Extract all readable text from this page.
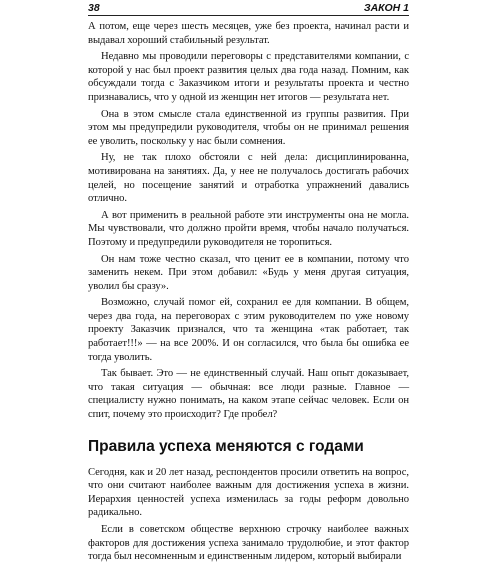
38	ЗАКОН 1

А потом, еще через шесть месяцев, уже без проекта, начинал расти и выдавал хороший стабильный результат.

Недавно мы проводили переговоры с представителями компании, с которой у нас был проект развития целых два года назад. Помним, как обсуждали тогда с Заказчиком итоги и результаты проекта и честно признавались, что у одной из женщин нет итогов — результата нет.

Она в этом смысле стала единственной из группы развития. При этом мы предупредили руководителя, чтобы он не принимал решения ее уволить, поскольку у нас были сомнения.

Ну, не так плохо обстояли с ней дела: дисциплинированна, мотивирована на занятиях. Да, у нее не получалось достигать рабочих целей, но посещение занятий и отработка упражнений давались отлично.

А вот применить в реальной работе эти инструменты она не могла. Мы чувствовали, что должно пройти время, чтобы начало получаться. Поэтому и предупредили руководителя не торопиться.

Он нам тоже честно сказал, что ценит ее в компании, потому что заменить некем. При этом добавил: «Будь у меня другая ситуация, уволил бы сразу».

Возможно, случай помог ей, сохранил ее для компании. В общем, через два года, на переговорах с этим руководителем по уже новому проекту Заказчик признался, что та женщина «так работает, так работает!!!» — на все 200%. И он согласился, что была бы ошибка ее тогда уволить.

Так бывает. Это — не единственный случай. Наш опыт доказывает, что такая ситуация — обычная: все люди разные. Главное — специалисту нужно понимать, на каком этапе сейчас человек. Если он спит, почему это происходит? Где пробел?

Правила успеха меняются с годами

Сегодня, как и 20 лет назад, респондентов просили ответить на вопрос, что они считают наиболее важным для достижения успеха в жизни. Иерархия ценностей успеха изменилась за годы реформ довольно радикально.

Если в советском обществе верхнюю строчку наиболее важных факторов для достижения успеха занимало трудолюбие, и этот фактор тогда был несомненным и единственным лидером, который выбирали
